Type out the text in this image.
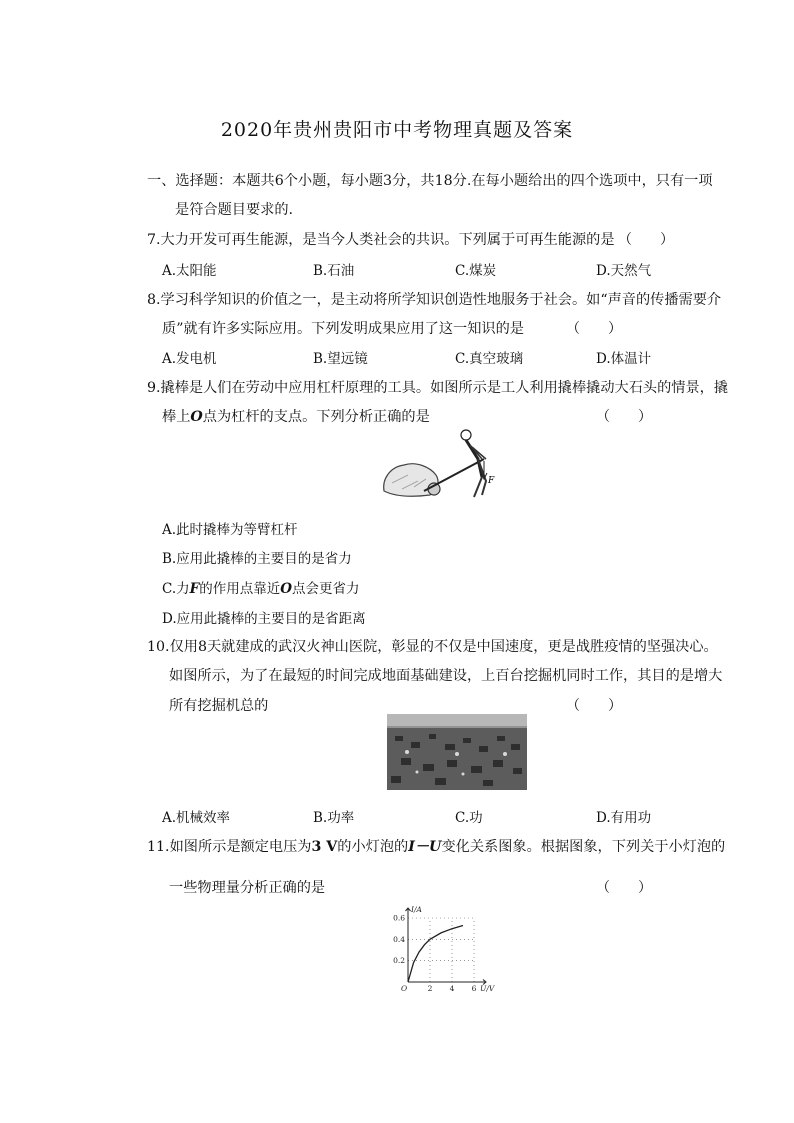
2020年贵州贵阳市中考物理真题及答案
一、选择题：本题共6个小题，每小题3分，共18分.在每小题给出的四个选项中，只有一项
是符合题目要求的.
7.大力开发可再生能源，是当今人类社会的共识。下列属于可再生能源的是 （　　）
A.太阳能	B.石油	C.煤炭	D.天然气
8.学习科学知识的价值之一，是主动将所学知识创造性地服务于社会。如“声音的传播需要介
质”就有许多实际应用。下列发明成果应用了这一知识的是	（　　）
A.发电机	B.望远镜	C.真空玻璃	D.体温计
9.撬棒是人们在劳动中应用杠杆原理的工具。如图所示是工人利用撬棒撬动大石头的情景，撬
棒上O点为杠杆的支点。下列分析正确的是	（　　）
F
A.此时撬棒为等臂杠杆
B.应用此撬棒的主要目的是省力
C.力F的作用点靠近O点会更省力
D.应用此撬棒的主要目的是省距离
10.仅用8天就建成的武汉火神山医院，彰显的不仅是中国速度，更是战胜疫情的坚强决心。
如图所示，为了在最短的时间完成地面基础建设，上百台挖掘机同时工作，其目的是增大
所有挖掘机总的	（　　）
A.机械效率	B.功率	C.功	D.有用功
11.如图所示是额定电压为3 V的小灯泡的I－U变化关系图象。根据图象，下列关于小灯泡的
一些物理量分析正确的是	（　　）
0.2
0.4
0.6
2 4 6
O	U/V
I/A
